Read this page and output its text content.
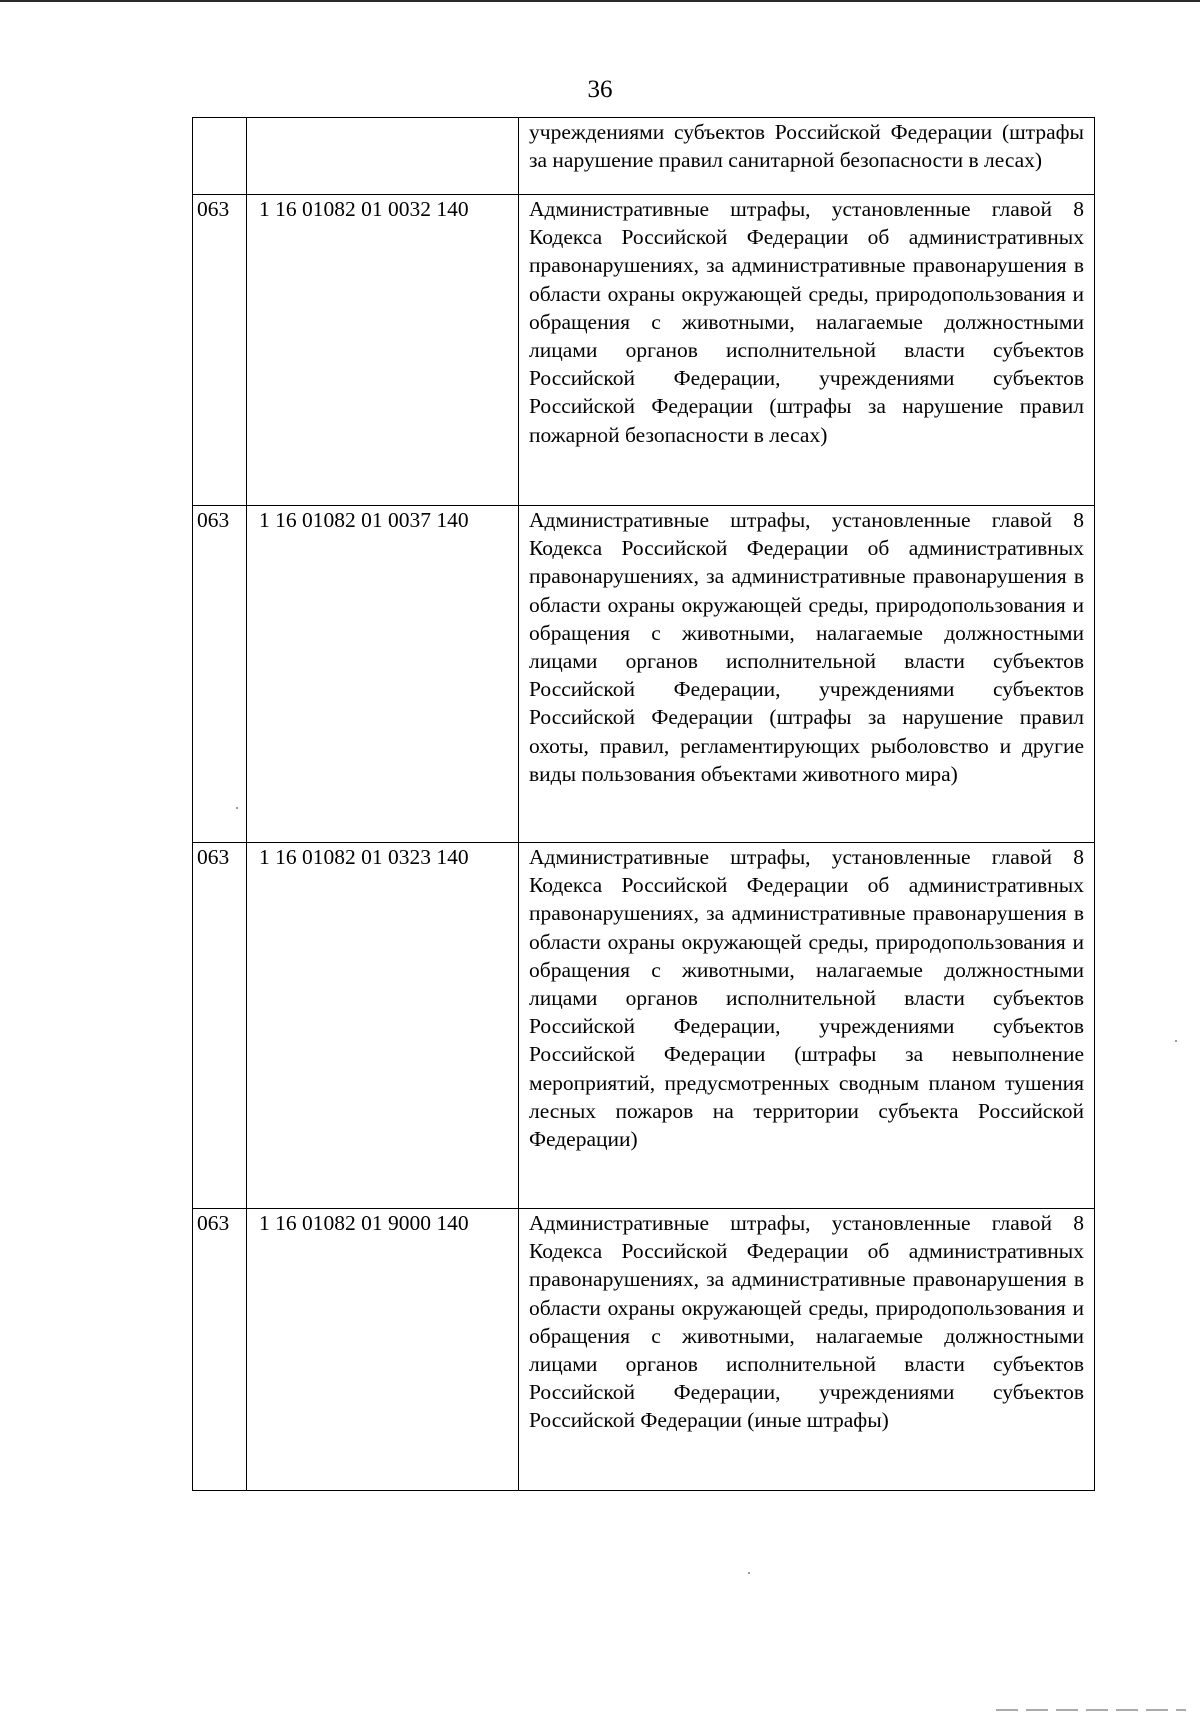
36
		учреждениями субъектов Российской Федерации (штрафы за нарушение правил санитарной безопасности в лесах)
063	1 16 01082 01 0032 140	Административные штрафы, установленные главой 8 Кодекса Российской Федерации об административных правонарушениях, за административные правонарушения в области охраны окружающей среды, природопользования и обращения с животными, налагаемые должностными лицами органов исполнительной власти субъектов Российской Федерации, учреждениями субъектов Российской Федерации (штрафы за нарушение правил пожарной безопасности в лесах)
063	1 16 01082 01 0037 140	Административные штрафы, установленные главой 8 Кодекса Российской Федерации об административных правонарушениях, за административные правонарушения в области охраны окружающей среды, природопользования и обращения с животными, налагаемые должностными лицами органов исполнительной власти субъектов Российской Федерации, учреждениями субъектов Российской Федерации (штрафы за нарушение правил охоты, правил, регламентирующих рыболовство и другие виды пользования объектами животного мира)
063	1 16 01082 01 0323 140	Административные штрафы, установленные главой 8 Кодекса Российской Федерации об административных правонарушениях, за административные правонарушения в области охраны окружающей среды, природопользования и обращения с животными, налагаемые должностными лицами органов исполнительной власти субъектов Российской Федерации, учреждениями субъектов Российской Федерации (штрафы за невыполнение мероприятий, предусмотренных сводным планом тушения лесных пожаров на территории субъекта Российской Федерации)
063	1 16 01082 01 9000 140	Административные штрафы, установленные главой 8 Кодекса Российской Федерации об административных правонарушениях, за административные правонарушения в области охраны окружающей среды, природопользования и обращения с животными, налагаемые должностными лицами органов исполнительной власти субъектов Российской Федерации, учреждениями субъектов Российской Федерации (иные штрафы)
